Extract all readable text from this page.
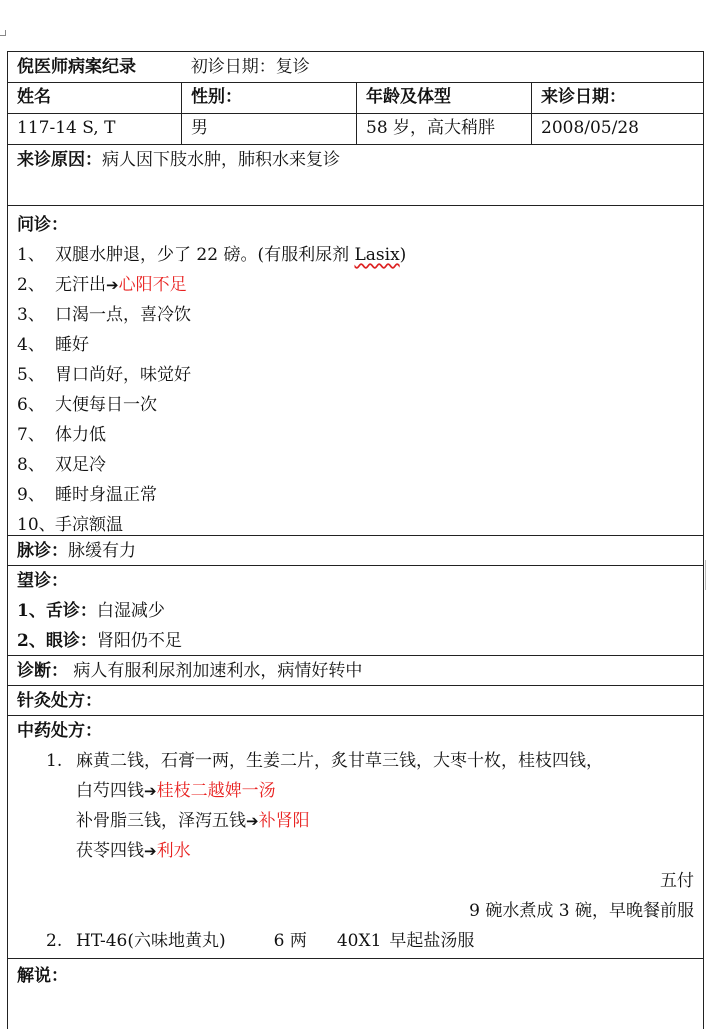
倪医师病案纪录	初诊日期：复诊
姓名	性别：	年龄及体型	来诊日期：
117-14 S, T	男	58 岁，高大稍胖	2008/05/28
来诊原因：病人因下肢水肿，肺积水来复诊
问诊：
1、 双腿水肿退，少了 22 磅。(有服利尿剂 Lasix)
2、 无汗出➔心阳不足
3、 口渴一点，喜冷饮
4、 睡好
5、 胃口尚好，味觉好
6、 大便每日一次
7、 体力低
8、 双足冷
9、 睡时身温正常
10、手凉额温
脉诊：脉缓有力
望诊：
1、舌诊：白湿减少
2、眼诊：肾阳仍不足
诊断： 病人有服利尿剂加速利水，病情好转中
针灸处方：
中药处方：
1. 麻黄二钱，石膏一两，生姜二片，炙甘草三钱，大枣十枚，桂枝四钱，
白芍四钱➔桂枝二越婢一汤
补骨脂三钱，泽泻五钱➔补肾阳
茯苓四钱➔利水
五付
9 碗水煮成 3 碗，早晚餐前服
2. HT-46(六味地黄丸)	6 两 40X1 早起盐汤服
解说：
